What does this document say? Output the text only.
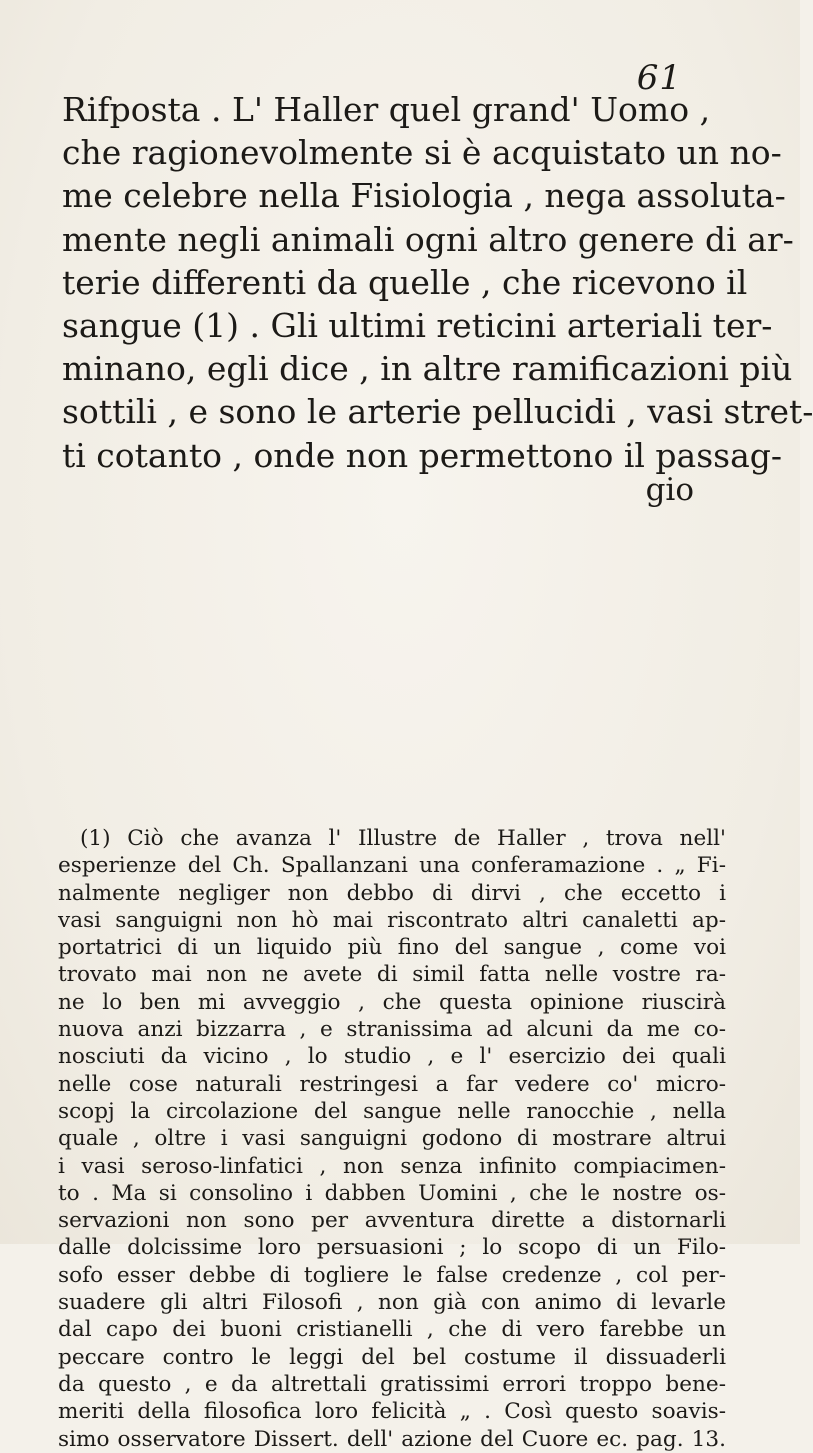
61
Rifposta . L' Haller quel grand' Uomo ,
che ragionevolmente si è acquistato un no-
me celebre nella Fisiologia , nega assoluta-
mente negli animali ogni altro genere di ar-
terie differenti da quelle , che ricevono il
sangue (1) . Gli ultimi reticini arteriali ter-
minano, egli dice , in altre ramificazioni più
sottili , e sono le arterie pellucidi , vasi stret-
ti cotanto , onde non permettono il passag-
gio
(1) Ciò che avanza l' Illustre de Haller , trova nell'
esperienze del Ch. Spallanzani una conferamazione . „ Fi-
nalmente negliger non debbo di dirvi , che eccetto i
vasi sanguigni non hò mai riscontrato altri canaletti ap-
portatrici di un liquido più fino del sangue , come voi
trovato mai non ne avete di simil fatta nelle vostre ra-
ne lo ben mi avveggio , che questa opinione riuscirà
nuova anzi bizzarra , e stranissima ad alcuni da me co-
nosciuti da vicino , lo studio , e l' esercizio dei quali
nelle cose naturali restringesi a far vedere co' micro-
scopj la circolazione del sangue nelle ranocchie , nella
quale , oltre i vasi sanguigni godono di mostrare altrui
i vasi seroso-linfatici , non senza infinito compiacimen-
to . Ma si consolino i dabben Uomini , che le nostre os-
servazioni non sono per avventura dirette a distornarli
dalle dolcissime loro persuasioni ; lo scopo di un Filo-
sofo esser debbe di togliere le false credenze , col per-
suadere gli altri Filosofi , non già con animo di levarle
dal capo dei buoni cristianelli , che di vero farebbe un
peccare contro le leggi del bel costume il dissuaderli
da questo , e da altrettali gratissimi errori troppo bene-
meriti della filosofica loro felicità „ . Così questo soavis-
simo osservatore Dissert. dell' azione del Cuore ec. pag. 13.
